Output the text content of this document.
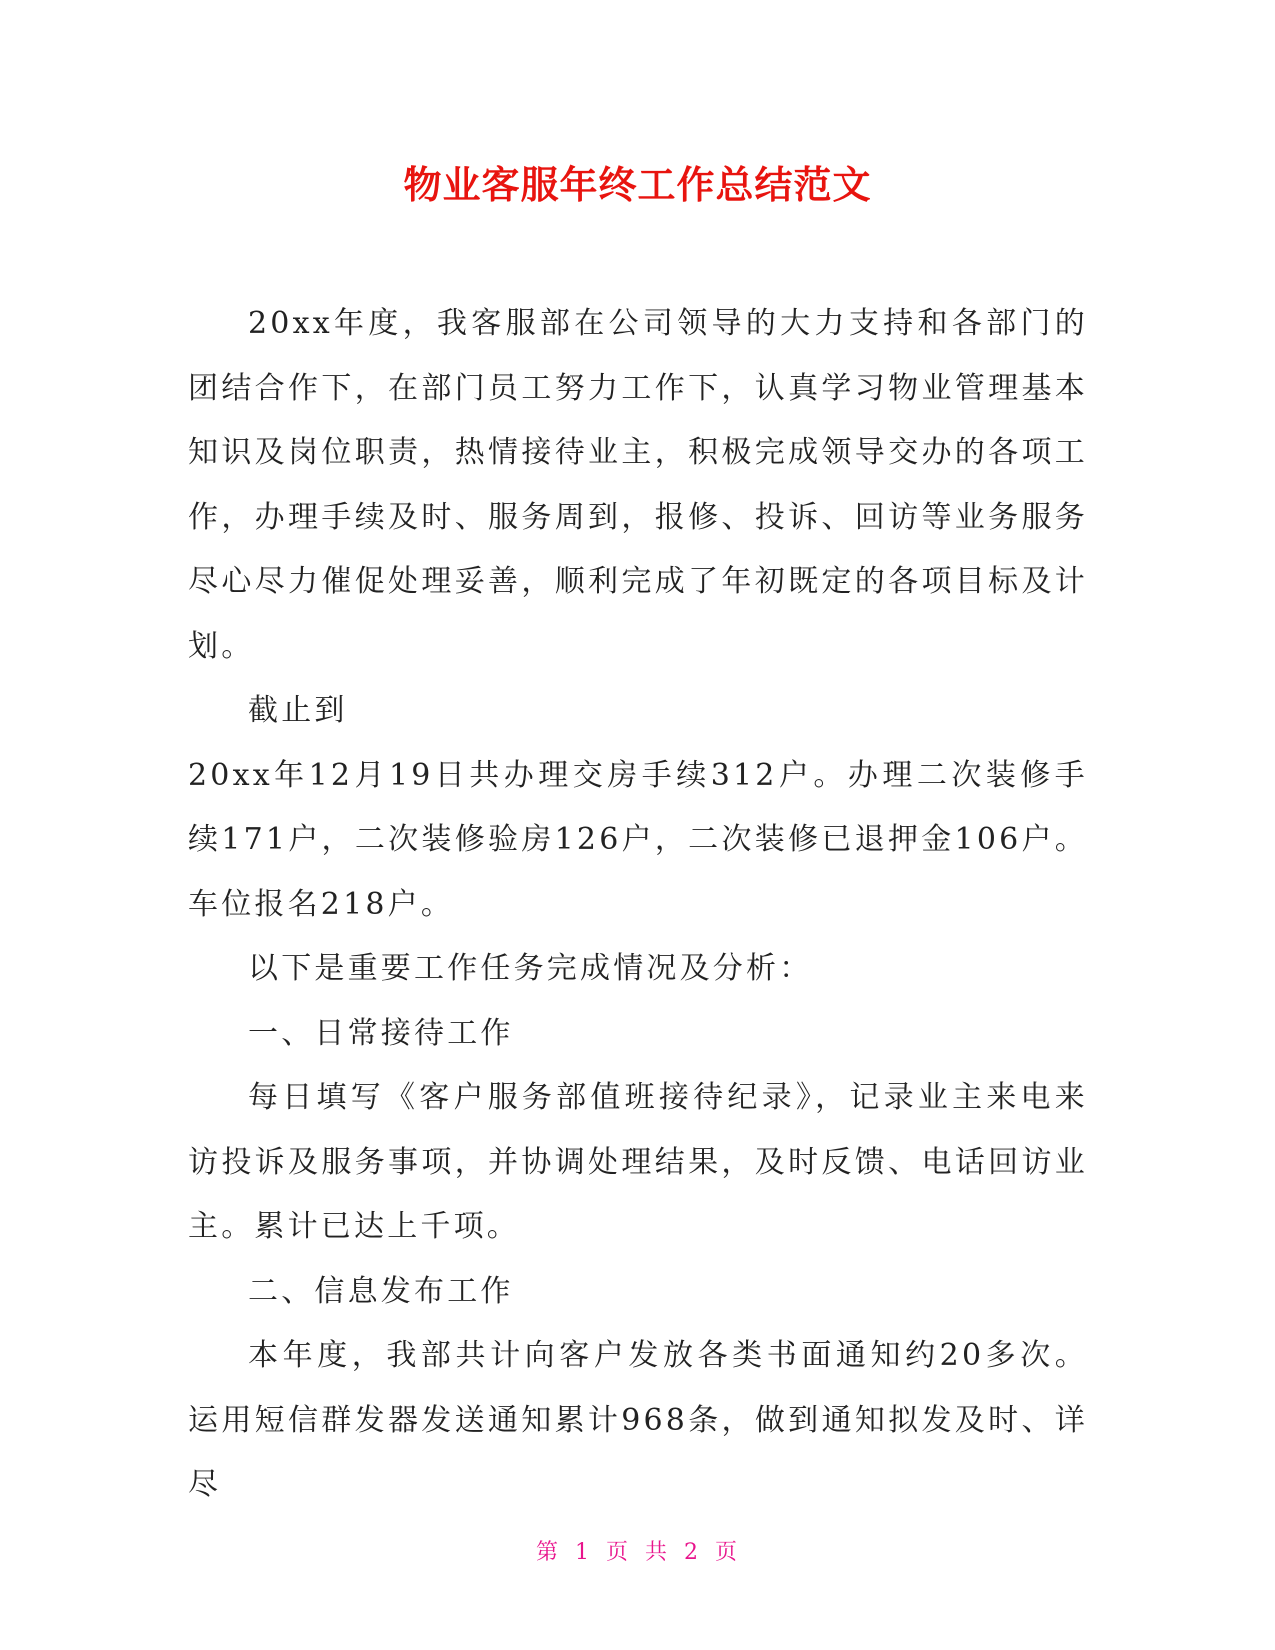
物业客服年终工作总结范文

20xx年度，我客服部在公司领导的大力支持和各部门的团结合作下，在部门员工努力工作下，认真学习物业管理基本知识及岗位职责，热情接待业主，积极完成领导交办的各项工作，办理手续及时、服务周到，报修、投诉、回访等业务服务尽心尽力催促处理妥善，顺利完成了年初既定的各项目标及计划。

截止到

20xx年12月19日共办理交房手续312户。办理二次装修手续171户，二次装修验房126户，二次装修已退押金106户。车位报名218户。

以下是重要工作任务完成情况及分析：

一、日常接待工作

每日填写《客户服务部值班接待纪录》，记录业主来电来访投诉及服务事项，并协调处理结果，及时反馈、电话回访业主。累计已达上千项。

二、信息发布工作

本年度，我部共计向客户发放各类书面通知约20多次。运用短信群发器发送通知累计968条，做到通知拟发及时、详尽

第 1 页 共 2 页
